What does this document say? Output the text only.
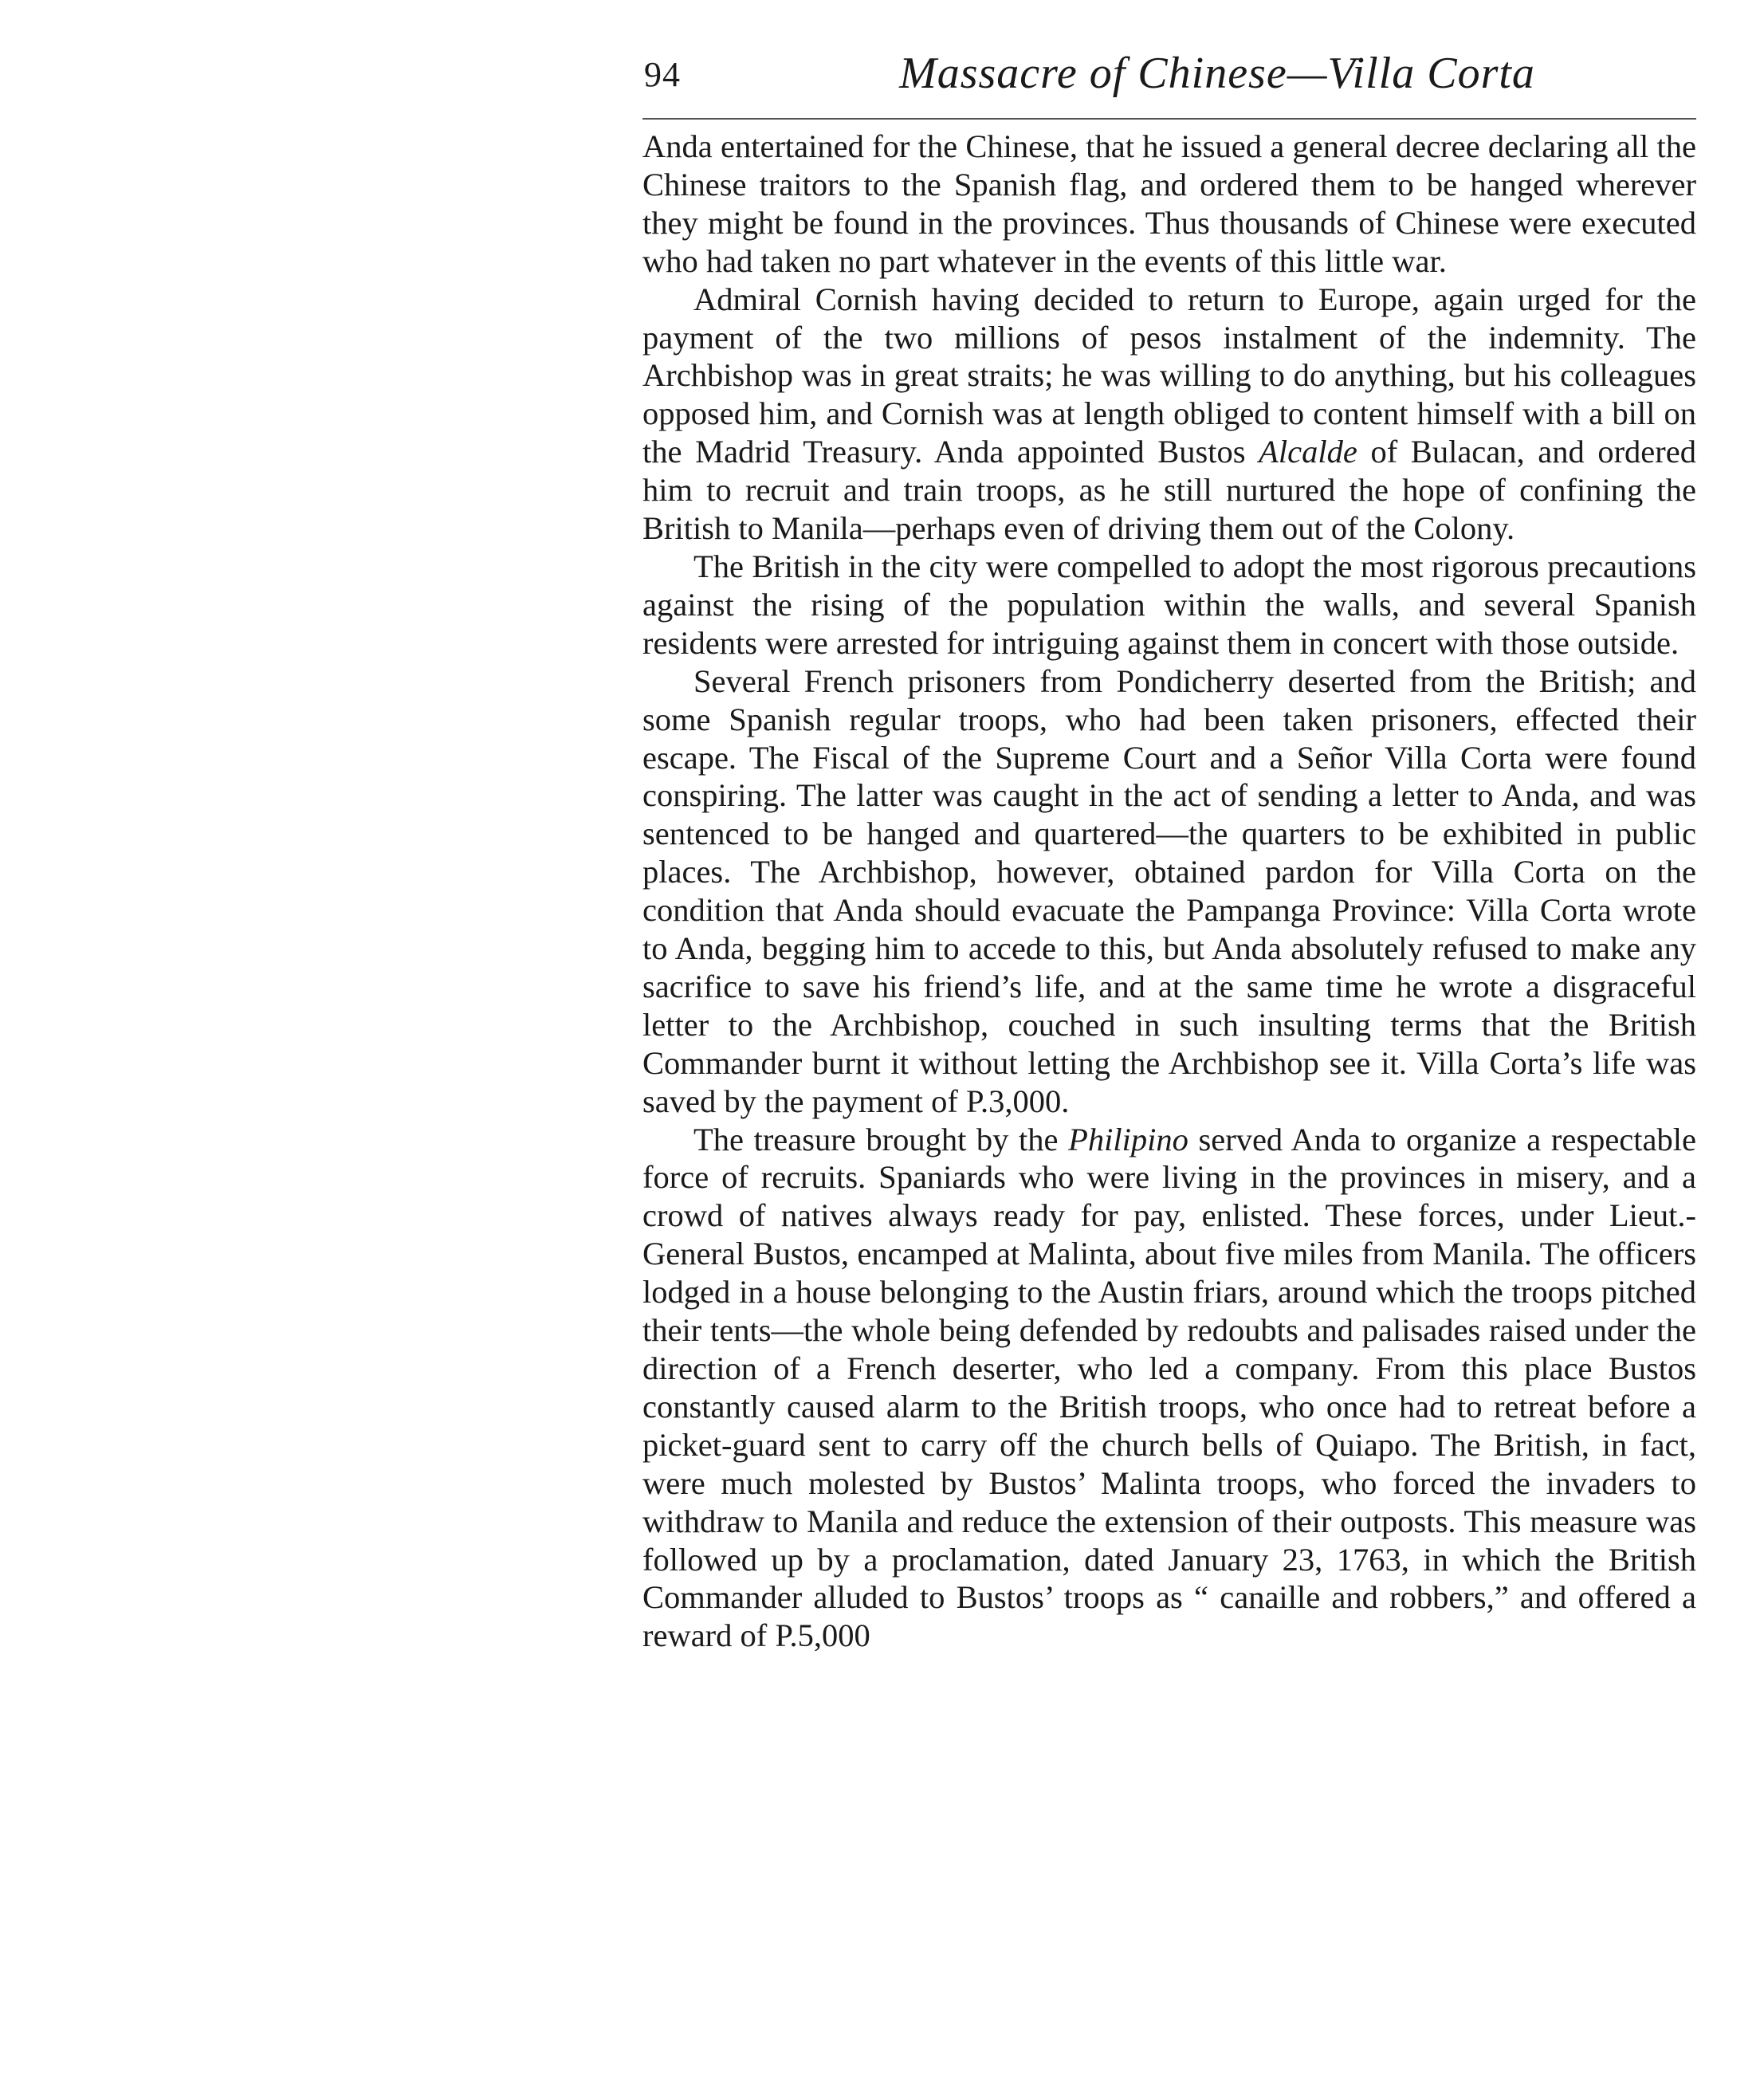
94	Massacre of Chinese—Villa Corta

Anda entertained for the Chinese, that he issued a general decree declaring all the Chinese traitors to the Spanish flag, and ordered them to be hanged wherever they might be found in the provinces. Thus thousands of Chinese were executed who had taken no part whatever in the events of this little war.

Admiral Cornish having decided to return to Europe, again urged for the payment of the two millions of pesos instalment of the indemnity. The Archbishop was in great straits; he was willing to do anything, but his colleagues opposed him, and Cornish was at length obliged to content himself with a bill on the Madrid Treasury. Anda appointed Bustos Alcalde of Bulacan, and ordered him to recruit and train troops, as he still nurtured the hope of confining the British to Manila—perhaps even of driving them out of the Colony.

The British in the city were compelled to adopt the most rigorous precautions against the rising of the population within the walls, and several Spanish residents were arrested for intriguing against them in concert with those outside.

Several French prisoners from Pondicherry deserted from the British; and some Spanish regular troops, who had been taken prisoners, effected their escape. The Fiscal of the Supreme Court and a Señor Villa Corta were found conspiring. The latter was caught in the act of sending a letter to Anda, and was sentenced to be hanged and quartered—the quarters to be exhibited in public places. The Archbishop, however, obtained pardon for Villa Corta on the condition that Anda should evacuate the Pampanga Province: Villa Corta wrote to Anda, begging him to accede to this, but Anda absolutely refused to make any sacrifice to save his friend’s life, and at the same time he wrote a disgraceful letter to the Archbishop, couched in such insulting terms that the British Commander burnt it without letting the Archbishop see it. Villa Corta’s life was saved by the payment of P.3,000.

The treasure brought by the Philipino served Anda to organize a respectable force of recruits. Spaniards who were living in the provinces in misery, and a crowd of natives always ready for pay, enlisted. These forces, under Lieut.-General Bustos, encamped at Malinta, about five miles from Manila. The officers lodged in a house belonging to the Austin friars, around which the troops pitched their tents—the whole being defended by redoubts and palisades raised under the direction of a French deserter, who led a company. From this place Bustos constantly caused alarm to the British troops, who once had to retreat before a picket-guard sent to carry off the church bells of Quiapo. The British, in fact, were much molested by Bustos’ Malinta troops, who forced the invaders to withdraw to Manila and reduce the extension of their outposts. This measure was followed up by a proclamation, dated January 23, 1763, in which the British Commander alluded to Bustos’ troops as “ canaille and robbers,” and offered a reward of P.5,000
